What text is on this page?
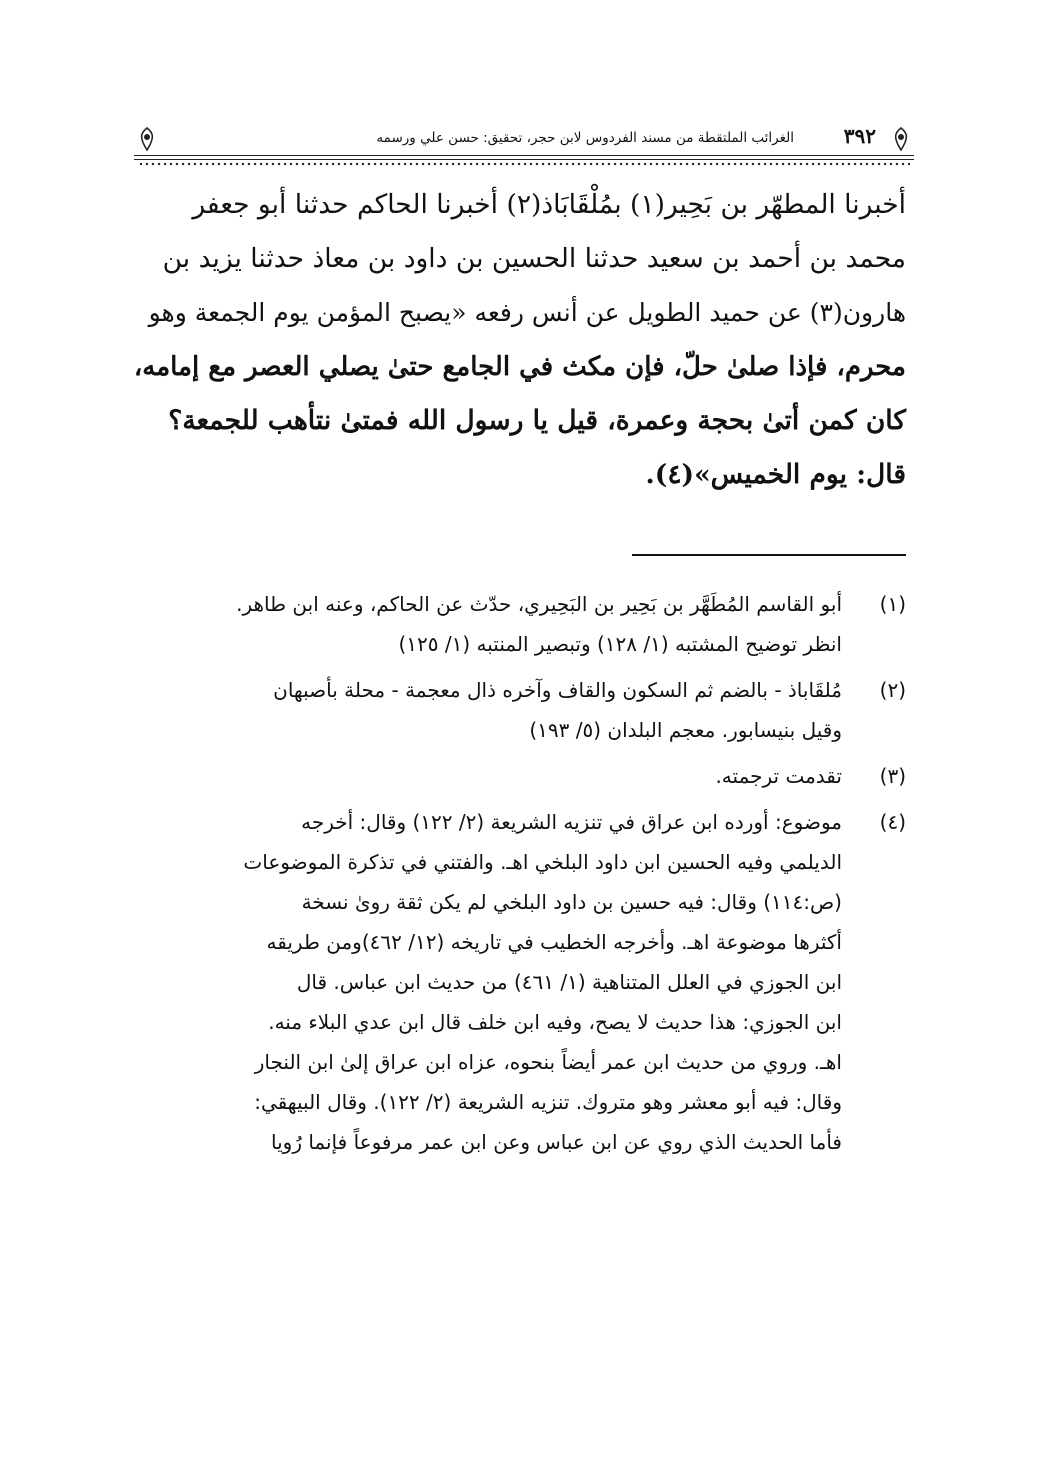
٣٩٢
الغرائب الملتقطة من مسند الفردوس لابن حجر، تحقيق: حسن علي ورسمه
أخبرنا المطهّر بن بَحِير(١) بمُلْقَابَاذ(٢) أخبرنا الحاكم حدثنا أبو جعفر
محمد بن أحمد بن سعيد حدثنا الحسين بن داود بن معاذ حدثنا يزيد بن
هارون(٣) عن حميد الطويل عن أنس رفعه «يصبح المؤمن يوم الجمعة وهو
محرم، فإذا صلىٰ حلّ، فإن مكث في الجامع حتىٰ يصلي العصر مع إمامه،
كان كمن أتىٰ بحجة وعمرة، قيل يا رسول الله فمتىٰ نتأهب للجمعة؟
قال: يوم الخميس»(٤).
(١)
أبو القاسم المُطَهَّر بن بَحِير بن البَحِيري، حدّث عن الحاكم، وعنه ابن طاهر.
انظر توضيح المشتبه (١/ ١٢٨) وتبصير المنتبه (١/ ١٢٥)
(٢)
مُلقَاباذ - بالضم ثم السكون والقاف وآخره ذال معجمة - محلة بأصبهان
وقيل بنيسابور. معجم البلدان (٥/ ١٩٣)
(٣)
تقدمت ترجمته.
(٤)
موضوع: أورده ابن عراق في تنزيه الشريعة (٢/ ١٢٢) وقال: أخرجه
الديلمي وفيه الحسين ابن داود البلخي اهـ. والفتني في تذكرة الموضوعات
(ص:١١٤) وقال: فيه حسين بن داود البلخي لم يكن ثقة روىٰ نسخة
أكثرها موضوعة اهـ. وأخرجه الخطيب في تاريخه (١٢/ ٤٦٢)ومن طريقه
ابن الجوزي في العلل المتناهية (١/ ٤٦١) من حديث ابن عباس. قال
ابن الجوزي: هذا حديث لا يصح، وفيه ابن خلف قال ابن عدي البلاء منه.
اهـ. وروي من حديث ابن عمر أيضاً بنحوه، عزاه ابن عراق إلىٰ ابن النجار
وقال: فيه أبو معشر وهو متروك. تنزيه الشريعة (٢/ ١٢٢). وقال البيهقي:
فأما الحديث الذي روي عن ابن عباس وعن ابن عمر مرفوعاً فإنما رُويا
